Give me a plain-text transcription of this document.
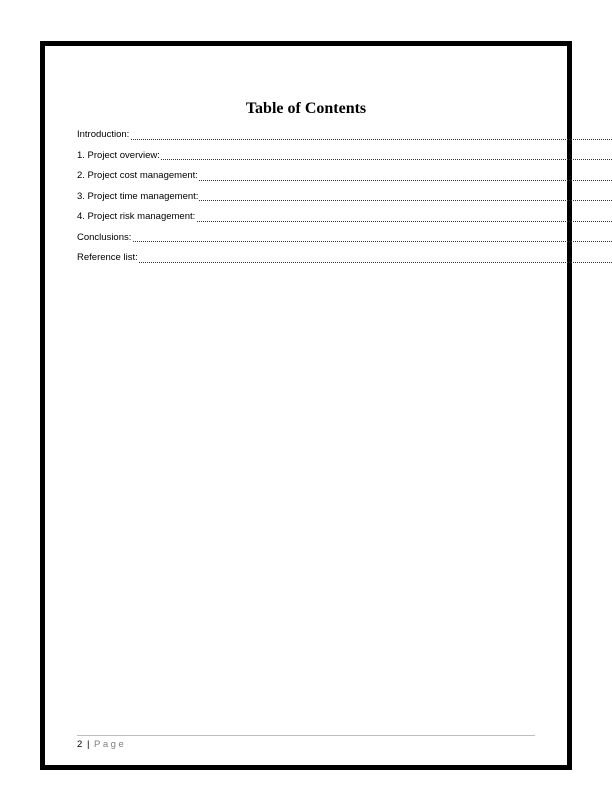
Table of Contents
Introduction:
1. Project overview:
2. Project cost management:
3. Project time management:
4. Project risk management:
Conclusions:
Reference list:
2 | Page
